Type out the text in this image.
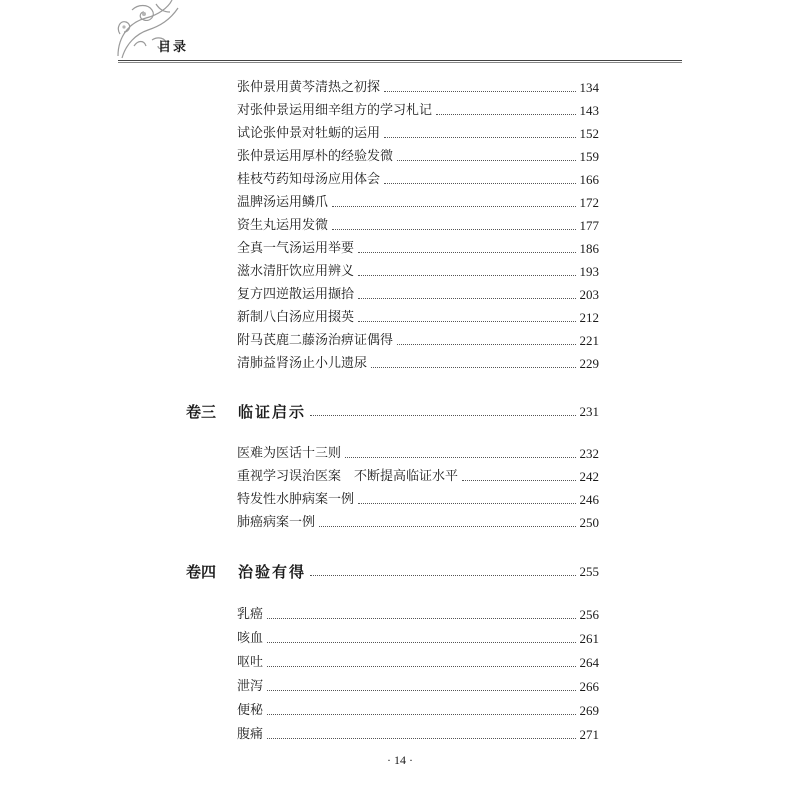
目录
张仲景用黄芩清热之初探	134
对张仲景运用细辛组方的学习札记	143
试论张仲景对牡蛎的运用	152
张仲景运用厚朴的经验发微	159
桂枝芍药知母汤应用体会	166
温脾汤运用鳞爪	172
资生丸运用发微	177
全真一气汤运用举要	186
滋水清肝饮应用辨义	193
复方四逆散运用撷拾	203
新制八白汤应用掇英	212
附马芪鹿二藤汤治痹证偶得	221
清肺益肾汤止小儿遗尿	229
卷三	临证启示	231
医难为医话十三则	232
重视学习误治医案　不断提高临证水平	242
特发性水肿病案一例	246
肺癌病案一例	250
卷四	治验有得	255
乳癌	256
咳血	261
呕吐	264
泄泻	266
便秘	269
腹痛	271
· 14 ·
